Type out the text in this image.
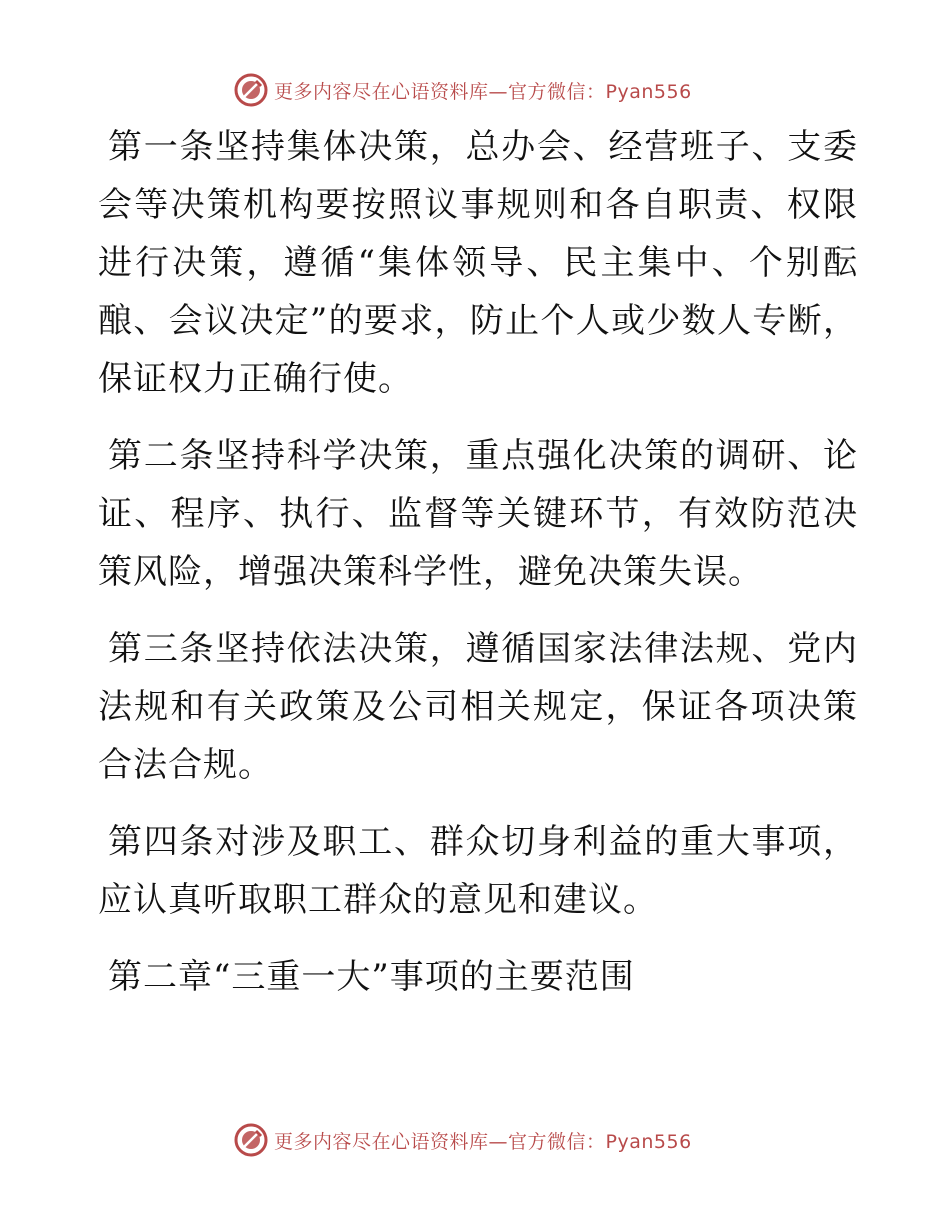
更多内容尽在心语资料库—官方微信：Pyan556

第一条坚持集体决策，总办会、经营班子、支委会等决策机构要按照议事规则和各自职责、权限进行决策，遵循“集体领导、民主集中、个别酝酿、会议决定”的要求，防止个人或少数人专断，保证权力正确行使。

第二条坚持科学决策，重点强化决策的调研、论证、程序、执行、监督等关键环节，有效防范决策风险，增强决策科学性，避免决策失误。

第三条坚持依法决策，遵循国家法律法规、党内法规和有关政策及公司相关规定，保证各项决策合法合规。

第四条对涉及职工、群众切身利益的重大事项，应认真听取职工群众的意见和建议。

第二章“三重一大”事项的主要范围

更多内容尽在心语资料库—官方微信：Pyan556
